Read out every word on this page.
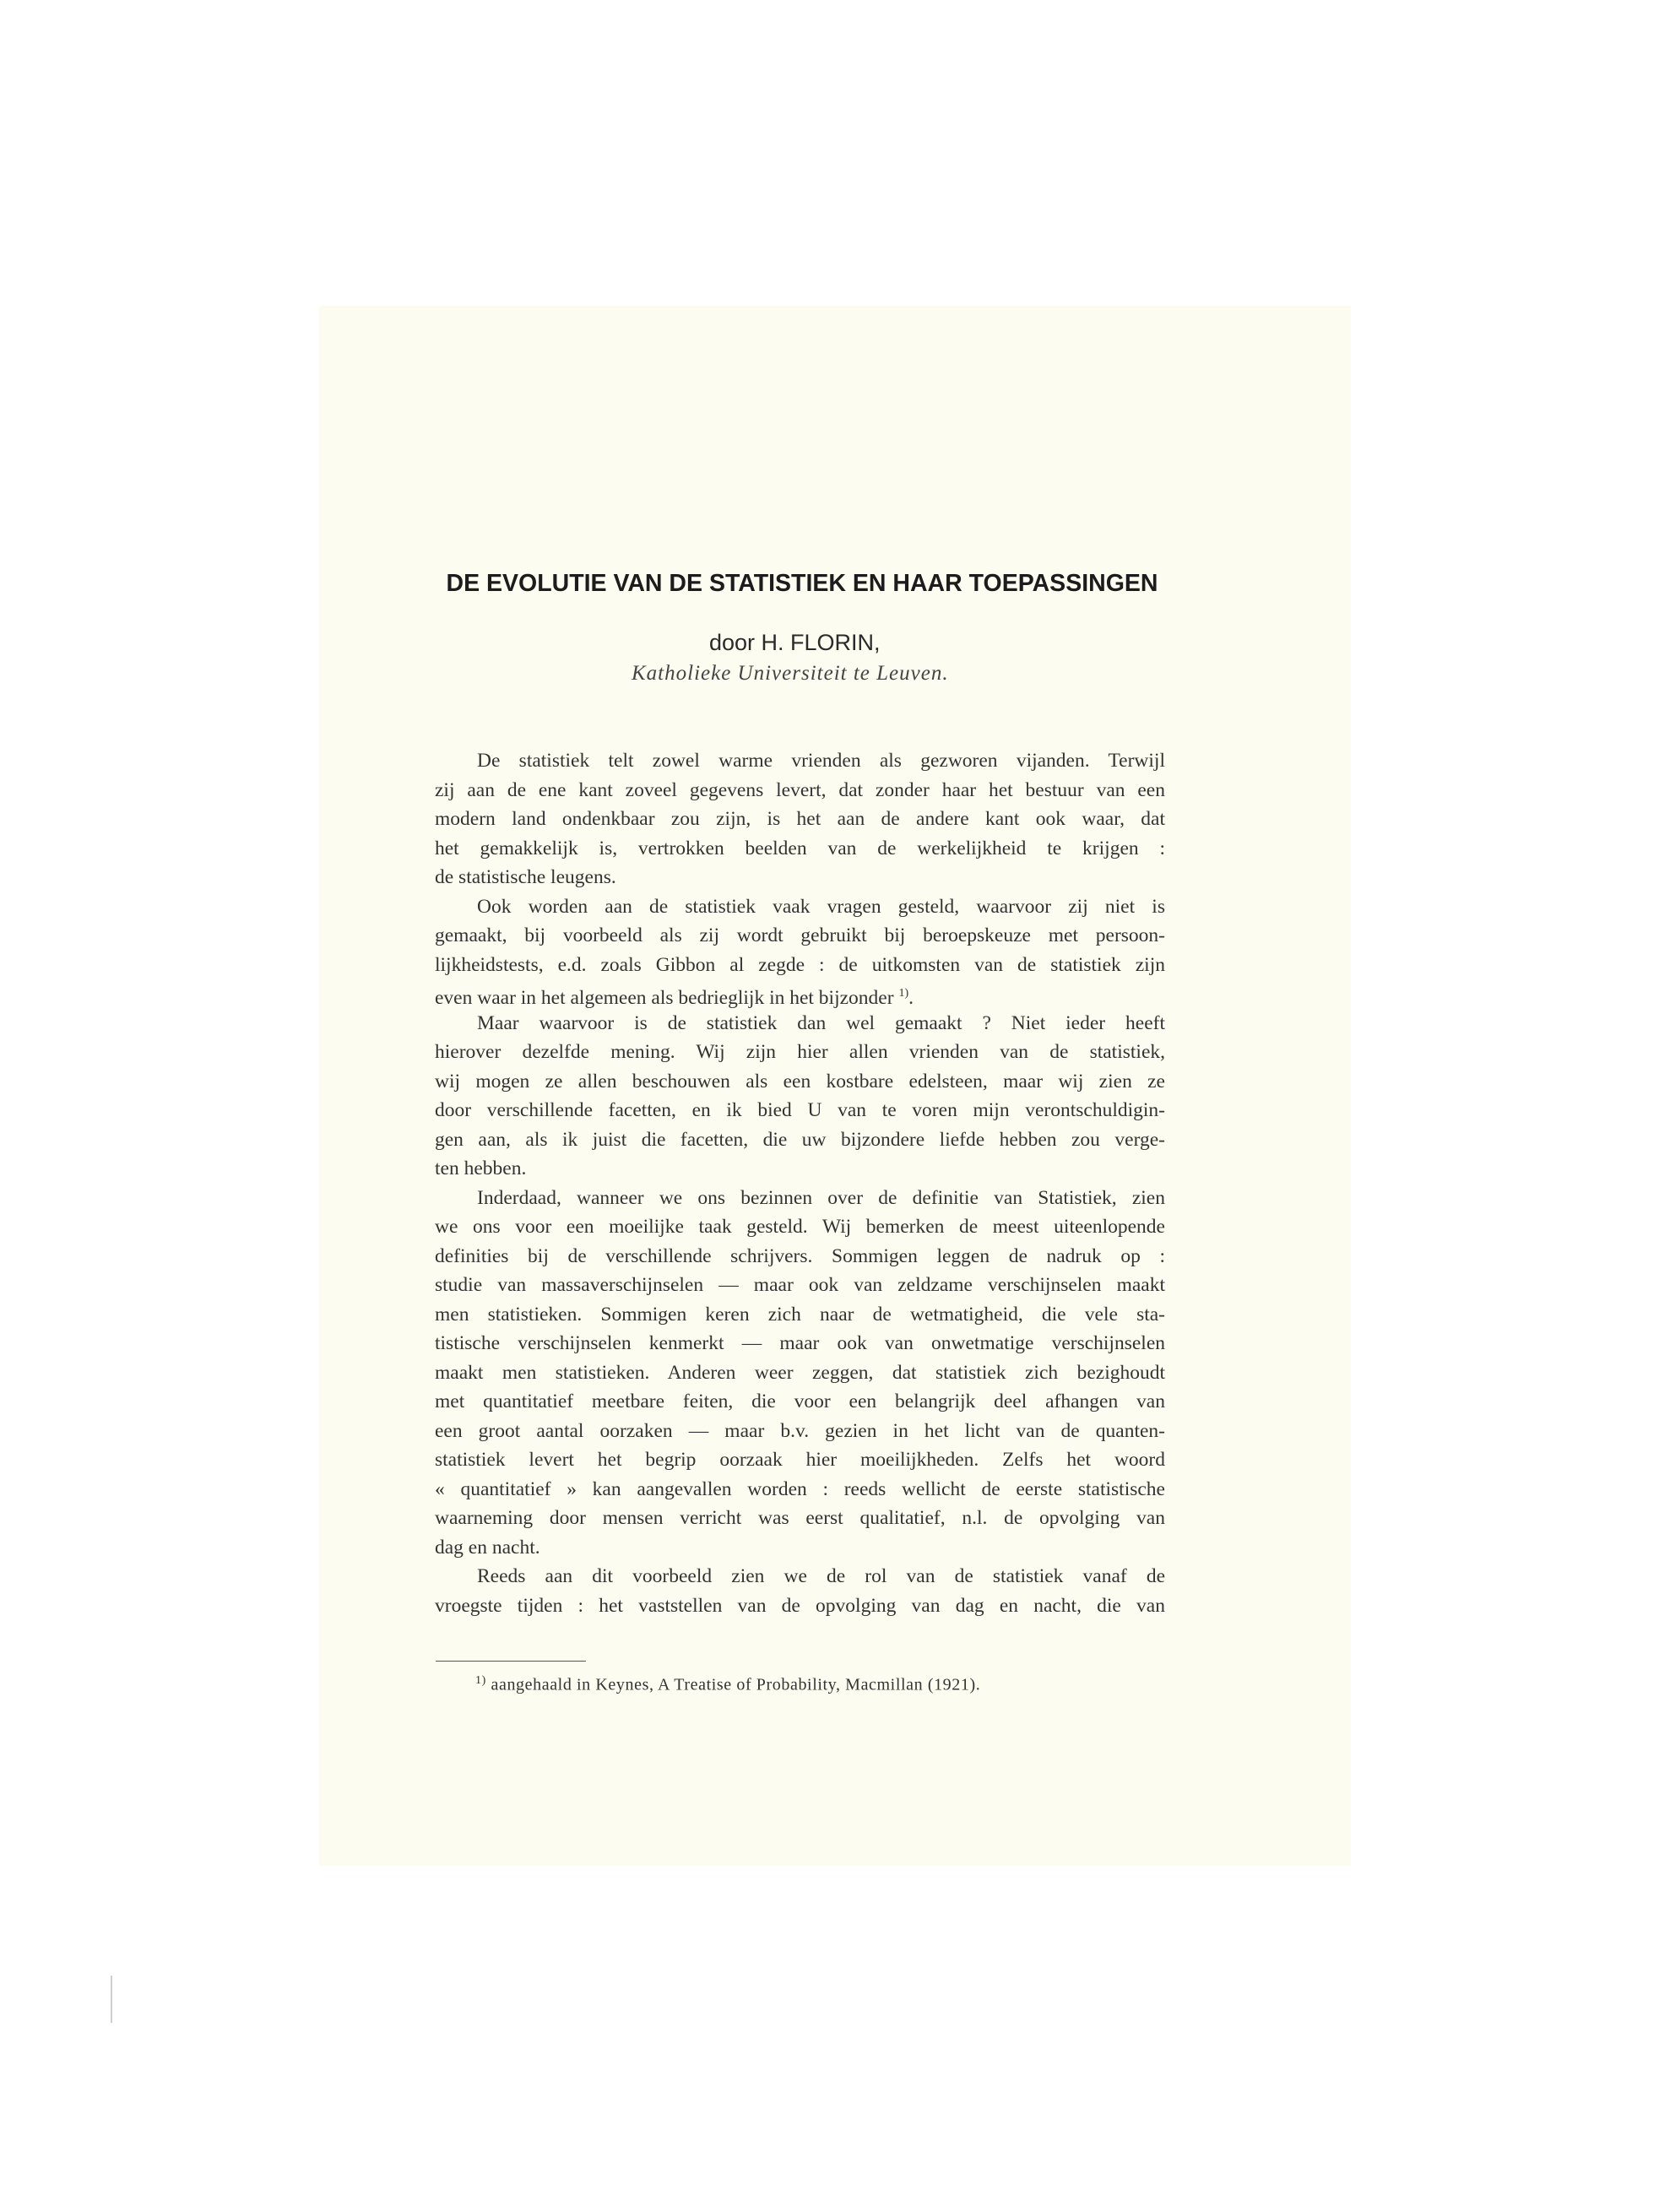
DE EVOLUTIE VAN DE STATISTIEK EN HAAR TOEPASSINGEN
door H. FLORIN,
Katholieke Universiteit te Leuven.
De statistiek telt zowel warme vrienden als gezworen vijanden. Terwijl
zij aan de ene kant zoveel gegevens levert, dat zonder haar het bestuur van een
modern land ondenkbaar zou zijn, is het aan de andere kant ook waar, dat
het gemakkelijk is, vertrokken beelden van de werkelijkheid te krijgen :
de statistische leugens.
Ook worden aan de statistiek vaak vragen gesteld, waarvoor zij niet is
gemaakt, bij voorbeeld als zij wordt gebruikt bij beroepskeuze met persoon-
lijkheidstests, e.d. zoals Gibbon al zegde : de uitkomsten van de statistiek zijn
even waar in het algemeen als bedrieglijk in het bijzonder $^{1)}$.
Maar waarvoor is de statistiek dan wel gemaakt ? Niet ieder heeft
hierover dezelfde mening. Wij zijn hier allen vrienden van de statistiek,
wij mogen ze allen beschouwen als een kostbare edelsteen, maar wij zien ze
door verschillende facetten, en ik bied U van te voren mijn verontschuldigin-
gen aan, als ik juist die facetten, die uw bijzondere liefde hebben zou verge-
ten hebben.
Inderdaad, wanneer we ons bezinnen over de definitie van Statistiek, zien
we ons voor een moeilijke taak gesteld. Wij bemerken de meest uiteenlopende
definities bij de verschillende schrijvers. Sommigen leggen de nadruk op :
studie van massaverschijnselen — maar ook van zeldzame verschijnselen maakt
men statistieken. Sommigen keren zich naar de wetmatigheid, die vele sta-
tistische verschijnselen kenmerkt — maar ook van onwetmatige verschijnselen
maakt men statistieken. Anderen weer zeggen, dat statistiek zich bezighoudt
met quantitatief meetbare feiten, die voor een belangrijk deel afhangen van
een groot aantal oorzaken — maar b.v. gezien in het licht van de quanten-
statistiek levert het begrip oorzaak hier moeilijkheden. Zelfs het woord
« quantitatief » kan aangevallen worden : reeds wellicht de eerste statistische
waarneming door mensen verricht was eerst qualitatief, n.l. de opvolging van
dag en nacht.
Reeds aan dit voorbeeld zien we de rol van de statistiek vanaf de
vroegste tijden : het vaststellen van de opvolging van dag en nacht, die van
$^{1)}$ aangehaald in Keynes, A Treatise of Probability, Macmillan (1921).
